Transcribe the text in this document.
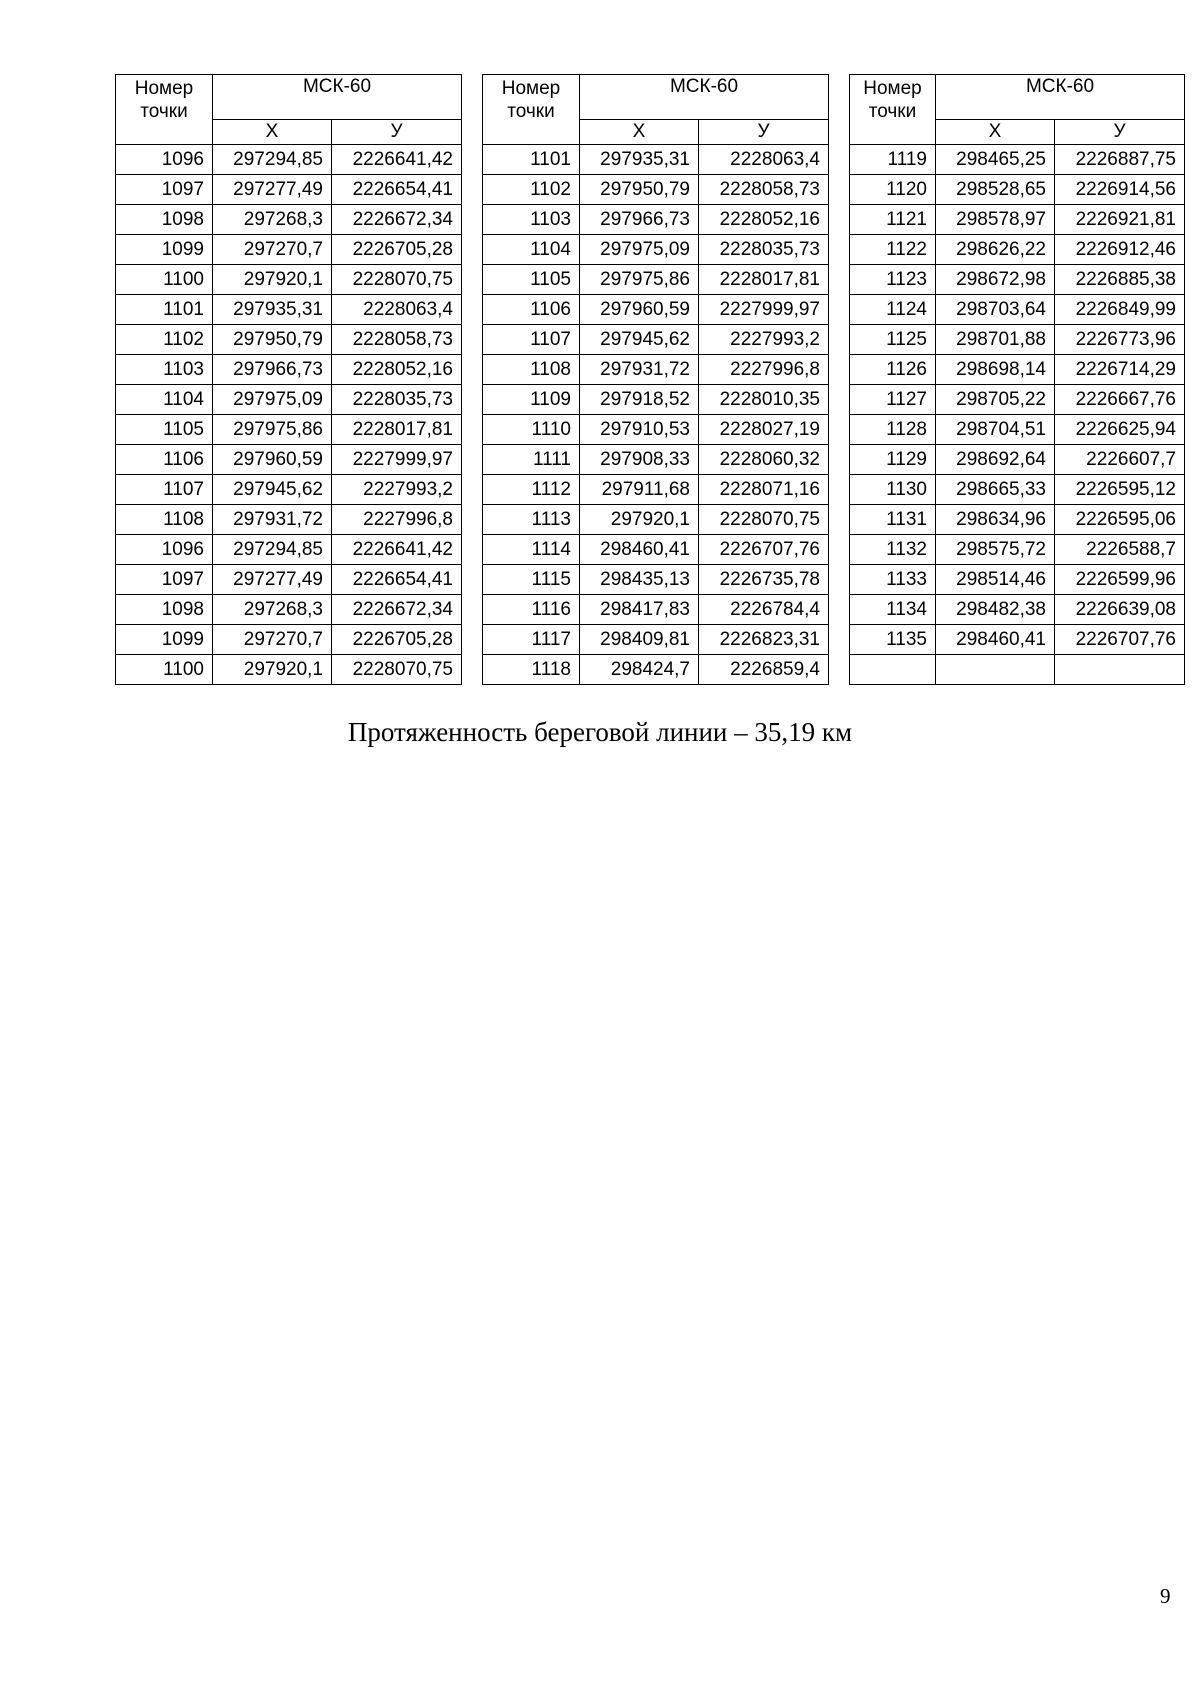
Номер точки	МСК-60	
	Х	У
1096	297294,85	2226641,42
1097	297277,49	2226654,41
1098	297268,3	2226672,34
1099	297270,7	2226705,28
1100	297920,1	2228070,75
1101	297935,31	2228063,4
1102	297950,79	2228058,73
1103	297966,73	2228052,16
1104	297975,09	2228035,73
1105	297975,86	2228017,81
1106	297960,59	2227999,97
1107	297945,62	2227993,2
1108	297931,72	2227996,8
1096	297294,85	2226641,42
1097	297277,49	2226654,41
1098	297268,3	2226672,34
1099	297270,7	2226705,28
1100	297920,1	2228070,75
Номер точки	МСК-60	
	Х	У
1101	297935,31	2228063,4
1102	297950,79	2228058,73
1103	297966,73	2228052,16
1104	297975,09	2228035,73
1105	297975,86	2228017,81
1106	297960,59	2227999,97
1107	297945,62	2227993,2
1108	297931,72	2227996,8
1109	297918,52	2228010,35
1110	297910,53	2228027,19
1111	297908,33	2228060,32
1112	297911,68	2228071,16
1113	297920,1	2228070,75
1114	298460,41	2226707,76
1115	298435,13	2226735,78
1116	298417,83	2226784,4
1117	298409,81	2226823,31
1118	298424,7	2226859,4
Номер точки	МСК-60	
	Х	У
1119	298465,25	2226887,75
1120	298528,65	2226914,56
1121	298578,97	2226921,81
1122	298626,22	2226912,46
1123	298672,98	2226885,38
1124	298703,64	2226849,99
1125	298701,88	2226773,96
1126	298698,14	2226714,29
1127	298705,22	2226667,76
1128	298704,51	2226625,94
1129	298692,64	2226607,7
1130	298665,33	2226595,12
1131	298634,96	2226595,06
1132	298575,72	2226588,7
1133	298514,46	2226599,96
1134	298482,38	2226639,08
1135	298460,41	2226707,76

Протяженность береговой линии – 35,19 км
9
